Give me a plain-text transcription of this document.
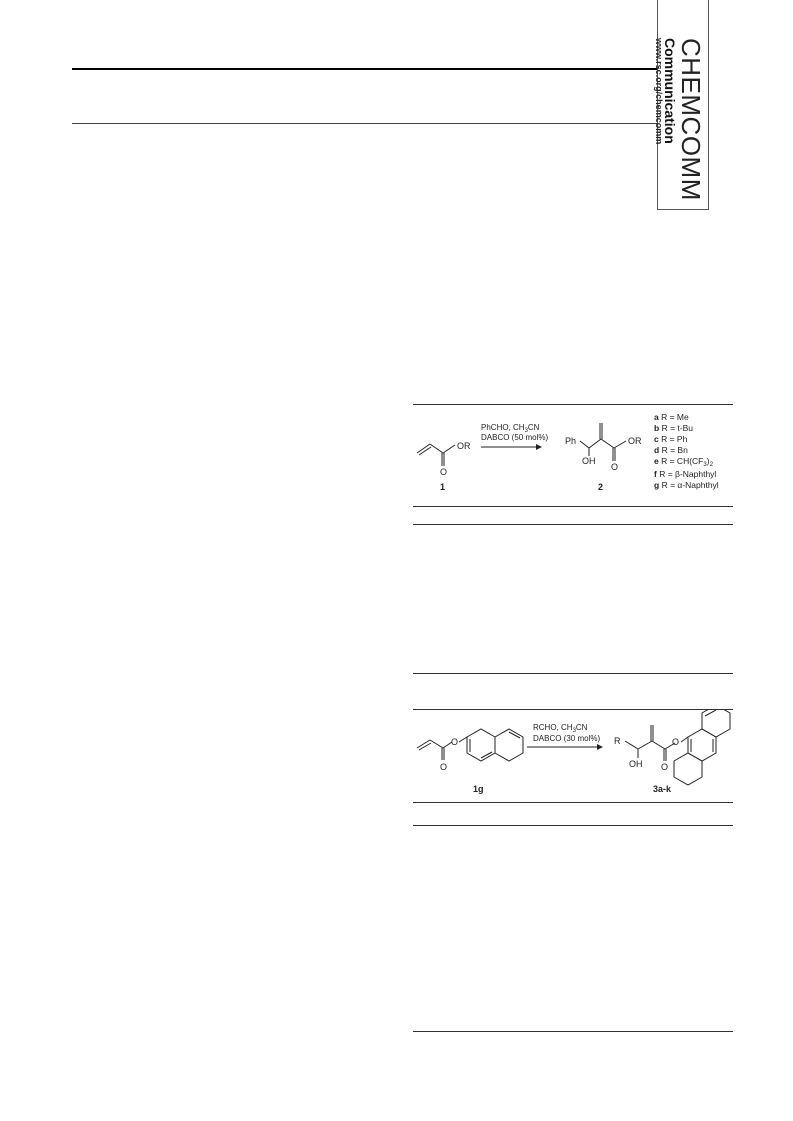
CHEMCOMM
Communication
www.rsc.org/chemcomm
OR
O
1
PhCHO, $CH_3CN$
DABCO (50 mol%) Ph
OH
OR
O
2
a R = Me
b R = t-Bu
c R = Ph
d R = Bn
e $R = CH(CF_3)_2$
f R = β-Naphthyl
g R = α-Naphthyl
O
O
1g
RCHO, $CH_3CN$
DABCO (30 mol%) R
OH
O
O
3a-k
